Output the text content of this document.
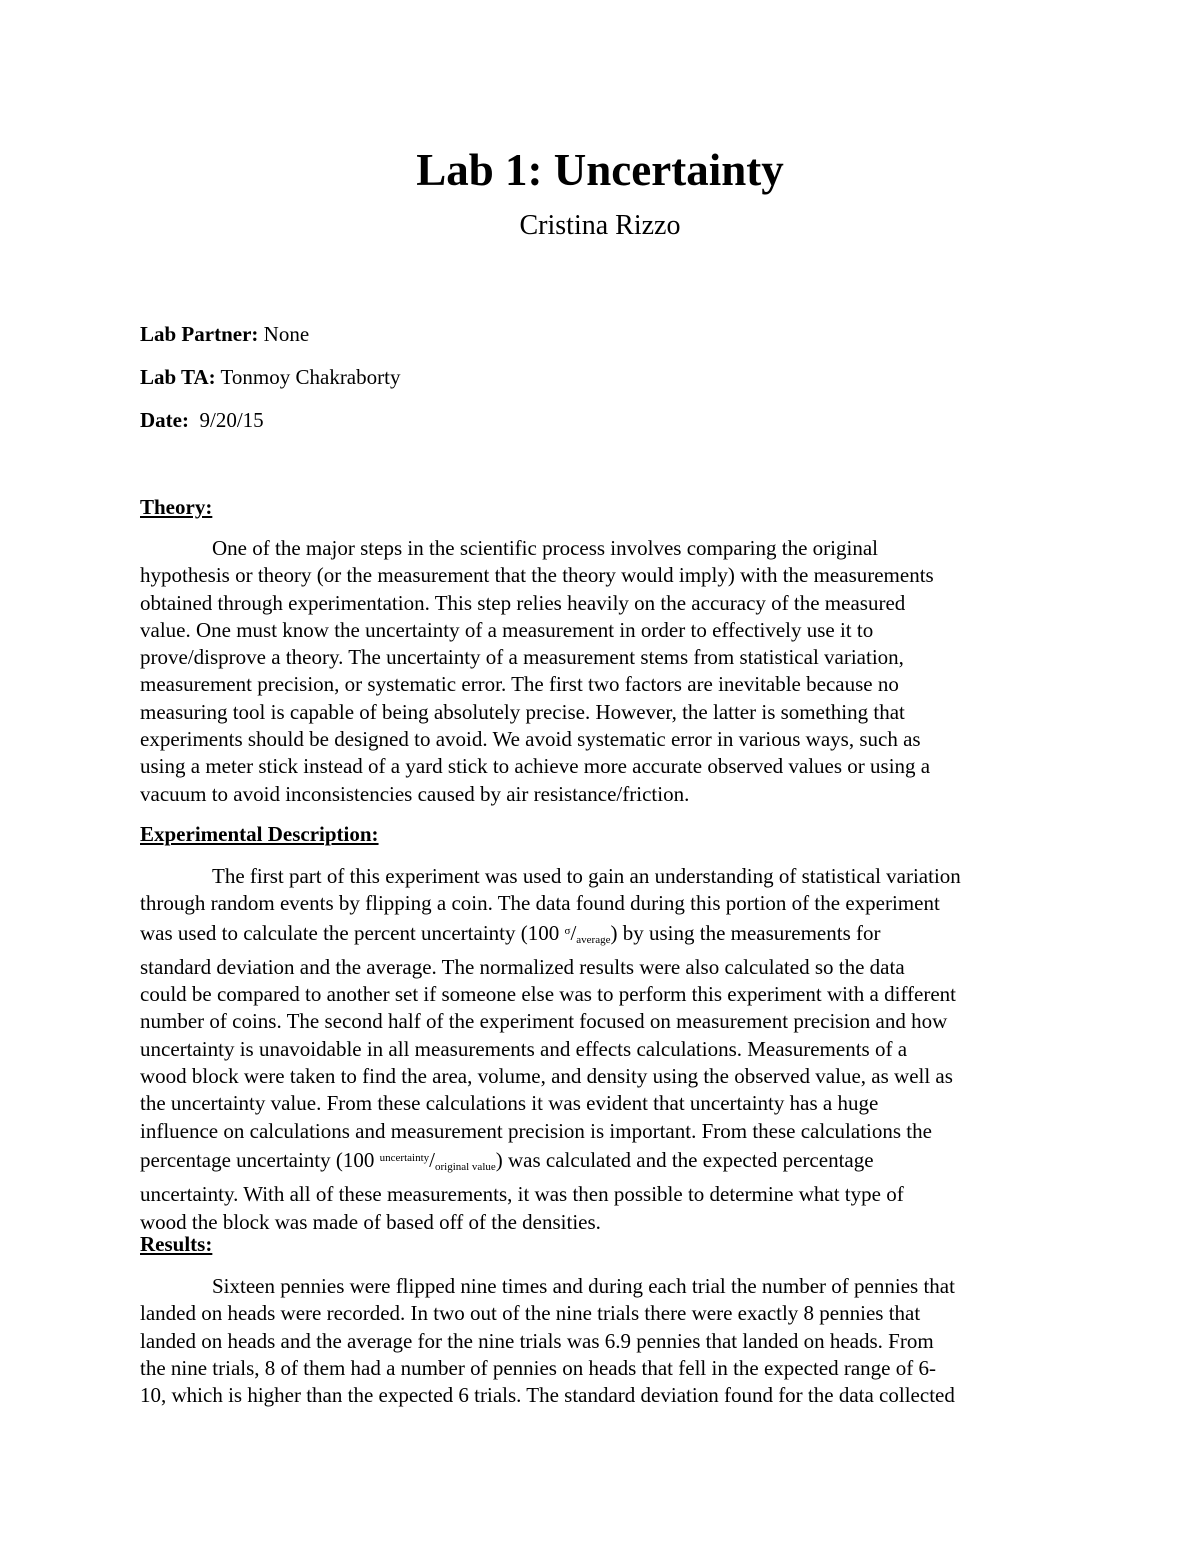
Lab 1: Uncertainty
Cristina Rizzo
Lab Partner: None
Lab TA: Tonmoy Chakraborty
Date:  9/20/15
Theory:
One of the major steps in the scientific process involves comparing the original
hypothesis or theory (or the measurement that the theory would imply) with the measurements
obtained through experimentation. This step relies heavily on the accuracy of the measured
value. One must know the uncertainty of a measurement in order to effectively use it to
prove/disprove a theory. The uncertainty of a measurement stems from statistical variation,
measurement precision, or systematic error. The first two factors are inevitable because no
measuring tool is capable of being absolutely precise. However, the latter is something that
experiments should be designed to avoid. We avoid systematic error in various ways, such as
using a meter stick instead of a yard stick to achieve more accurate observed values or using a
vacuum to avoid inconsistencies caused by air resistance/friction.
Experimental Description:
The first part of this experiment was used to gain an understanding of statistical variation
through random events by flipping a coin. The data found during this portion of the experiment
was used to calculate the percent uncertainty (100 $^\sigma/_{average}$) by using the measurements for
standard deviation and the average. The normalized results were also calculated so the data
could be compared to another set if someone else was to perform this experiment with a different
number of coins. The second half of the experiment focused on measurement precision and how
uncertainty is unavoidable in all measurements and effects calculations. Measurements of a
wood block were taken to find the area, volume, and density using the observed value, as well as
the uncertainty value. From these calculations it was evident that uncertainty has a huge
influence on calculations and measurement precision is important. From these calculations the
percentage uncertainty (100 $^{uncertainty}/_{original value}$) was calculated and the expected percentage
uncertainty. With all of these measurements, it was then possible to determine what type of
wood the block was made of based off of the densities.
Results:
Sixteen pennies were flipped nine times and during each trial the number of pennies that
landed on heads were recorded. In two out of the nine trials there were exactly 8 pennies that
landed on heads and the average for the nine trials was 6.9 pennies that landed on heads. From
the nine trials, 8 of them had a number of pennies on heads that fell in the expected range of 6-
10, which is higher than the expected 6 trials. The standard deviation found for the data collected
